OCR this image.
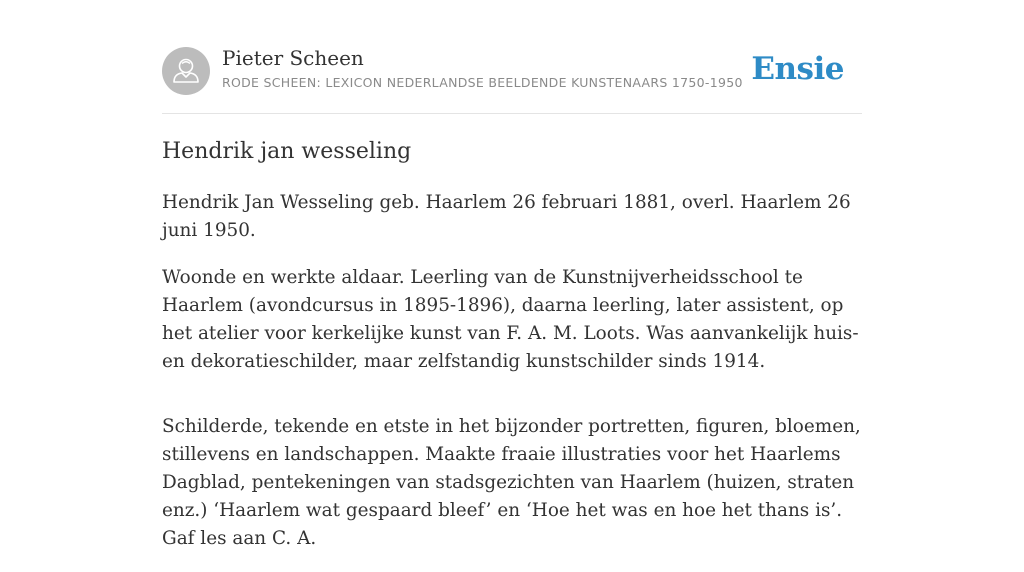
Pieter Scheen
RODE SCHEEN: LEXICON NEDERLANDSE BEELDENDE KUNSTENAARS 1750-1950 Ensie
Hendrik jan wesseling

Hendrik Jan Wesseling geb. Haarlem 26 februari 1881, overl. Haarlem 26 juni 1950.

Woonde en werkte aldaar. Leerling van de Kunstnijverheidsschool te Haarlem (avondcursus in 1895-1896), daarna leerling, later assistent, op het atelier voor kerkelijke kunst van F. A. M. Loots. Was aanvankelijk huis- en dekoratieschilder, maar zelfstandig kunstschilder sinds 1914.

Schilderde, tekende en etste in het bijzonder portretten, figuren, bloemen, stillevens en landschappen. Maakte fraaie illustraties voor het Haarlems Dagblad, pentekeningen van stadsgezichten van Haarlem (huizen, straten enz.) ‘Haarlem wat gespaard bleef’ en ‘Hoe het was en hoe het thans is’. Gaf les aan C. A.
